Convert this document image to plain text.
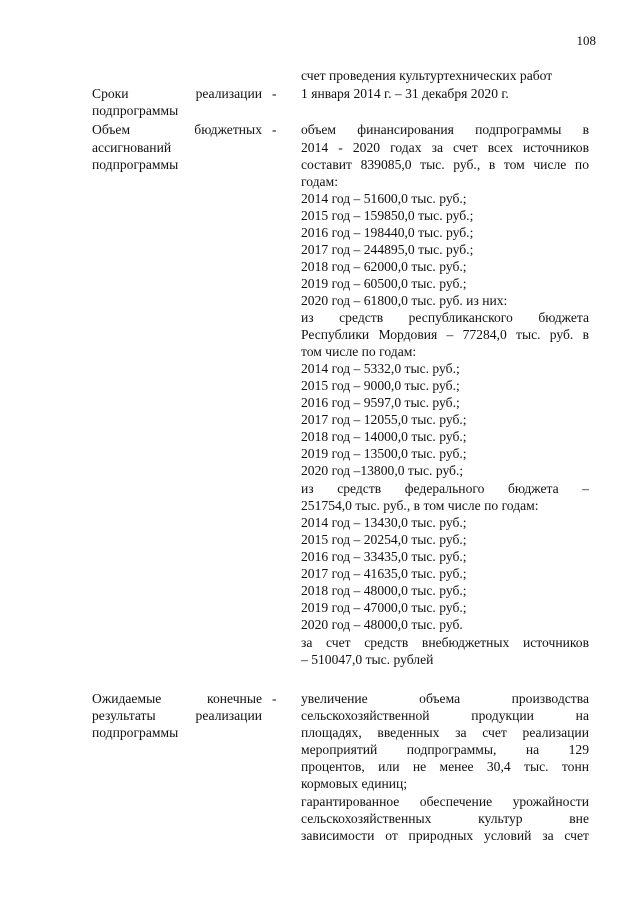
108
счет проведения культуртехнических работ
1 января 2014 г. – 31 декабря 2020 г.
объем финансирования подпрограммы в
2014 - 2020 годах за счет всех источников
составит 839085,0 тыс. руб., в том числе по
годам:
2014 год – 51600,0 тыс. руб.;
2015 год – 159850,0 тыс. руб.;
2016 год – 198440,0 тыс. руб.;
2017 год – 244895,0 тыс. руб.;
2018 год – 62000,0 тыс. руб.;
2019 год – 60500,0 тыс. руб.;
2020 год – 61800,0 тыс. руб. из них:
из средств республиканского бюджета
Республики Мордовия – 77284,0 тыс. руб. в
том числе по годам:
2014 год – 5332,0 тыс. руб.;
2015 год – 9000,0 тыс. руб.;
2016 год – 9597,0 тыс. руб.;
2017 год – 12055,0 тыс. руб.;
2018 год – 14000,0 тыс. руб.;
2019 год – 13500,0 тыс. руб.;
2020 год –13800,0 тыс. руб.;
из средств федерального бюджета –
251754,0 тыс. руб., в том числе по годам:
2014 год – 13430,0 тыс. руб.;
2015 год – 20254,0 тыс. руб.;
2016 год – 33435,0 тыс. руб.;
2017 год – 41635,0 тыс. руб.;
2018 год – 48000,0 тыс. руб.;
2019 год – 47000,0 тыс. руб.;
2020 год – 48000,0 тыс. руб.
за счет средств внебюджетных источников
– 510047,0 тыс. рублей
увеличение объема производства
сельскохозяйственной продукции на
площадях, введенных за счет реализации
мероприятий подпрограммы, на 129
процентов, или не менее 30,4 тыс. тонн
кормовых единиц;
гарантированное обеспечение урожайности
сельскохозяйственных культур вне
зависимости от природных условий за счет
Сроки реализации
подпрограммы
Объем бюджетных
ассигнований
подпрограммы
Ожидаемые конечные
результаты реализации
подпрограммы
-
-
-
